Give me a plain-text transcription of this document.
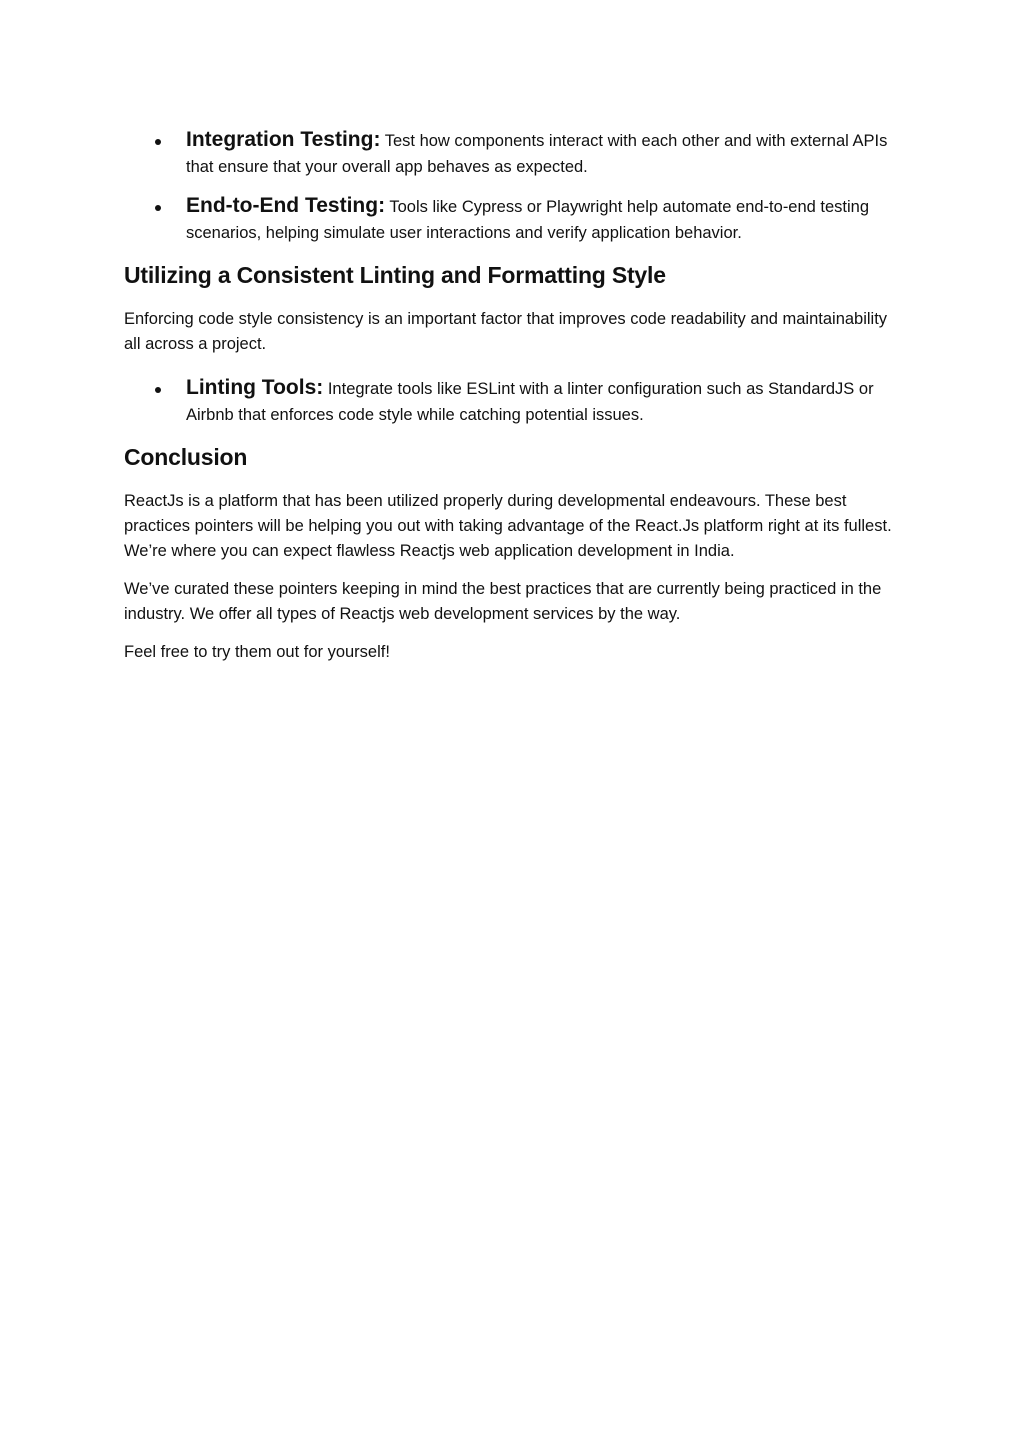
Integration Testing: Test how components interact with each other and with external APIs that ensure that your overall app behaves as expected.
End-to-End Testing: Tools like Cypress or Playwright help automate end-to-end testing scenarios, helping simulate user interactions and verify application behavior.
Utilizing a Consistent Linting and Formatting Style

Enforcing code style consistency is an important factor that improves code readability and maintainability all across a project.

Linting Tools: Integrate tools like ESLint with a linter configuration such as StandardJS or Airbnb that enforces code style while catching potential issues.
Conclusion

ReactJs is a platform that has been utilized properly during developmental endeavours. These best practices pointers will be helping you out with taking advantage of the React.Js platform right at its fullest. We’re where you can expect flawless Reactjs web application development in India.

We’ve curated these pointers keeping in mind the best practices that are currently being practiced in the industry. We offer all types of Reactjs web development services by the way.

Feel free to try them out for yourself!
